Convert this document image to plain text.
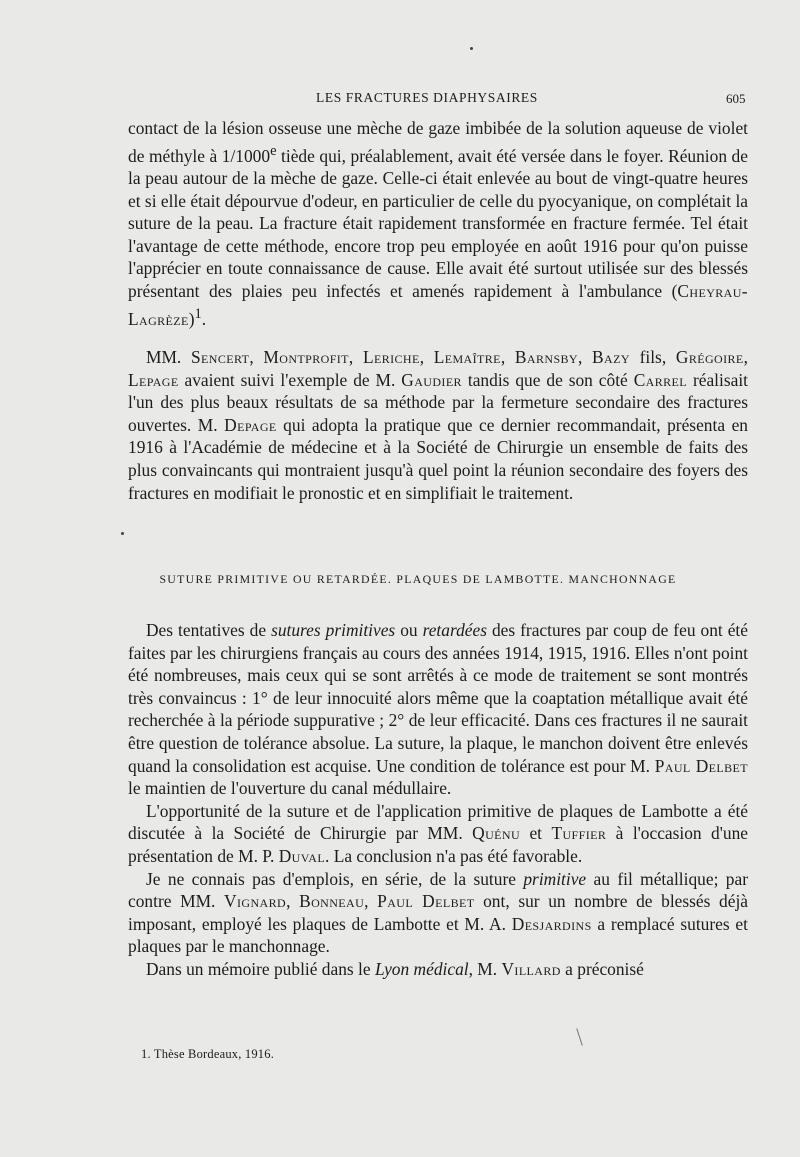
LES FRACTURES DIAPHYSAIRES	605

contact de la lésion osseuse une mèche de gaze imbibée de la solution aqueuse de violet de méthyle à 1/1000e tiède qui, préalablement, avait été versée dans le foyer. Réunion de la peau autour de la mèche de gaze. Celle-ci était enlevée au bout de vingt-quatre heures et si elle était dépourvue d'odeur, en particulier de celle du pyocyanique, on complétait la suture de la peau. La fracture était rapidement transformée en fracture fermée. Tel était l'avantage de cette méthode, encore trop peu employée en août 1916 pour qu'on puisse l'apprécier en toute connaissance de cause. Elle avait été surtout utilisée sur des blessés présentant des plaies peu infectés et amenés rapidement à l'ambulance (Cheyrau-Lagrèze)$^1$.

MM. Sencert, Montprofit, Leriche, Lemaître, Barnsby, Bazy fils, Grégoire, Lepage avaient suivi l'exemple de M. Gaudier tandis que de son côté Carrel réalisait l'un des plus beaux résultats de sa méthode par la fermeture secondaire des fractures ouvertes. M. Depage qui adopta la pratique que ce dernier recommandait, présenta en 1916 à l'Académie de médecine et à la Société de Chirurgie un ensemble de faits des plus convaincants qui montraient jusqu'à quel point la réunion secondaire des foyers des fractures en modifiait le pronostic et en simplifiait le traitement.

SUTURE PRIMITIVE OU RETARDÉE. PLAQUES DE LAMBOTTE. MANCHONNAGE

Des tentatives de sutures primitives ou retardées des fractures par coup de feu ont été faites par les chirurgiens français au cours des années 1914, 1915, 1916. Elles n'ont point été nombreuses, mais ceux qui se sont arrêtés à ce mode de traitement se sont montrés très convaincus : 1° de leur innocuité alors même que la coaptation métallique avait été recherchée à la période suppurative ; 2° de leur efficacité. Dans ces fractures il ne saurait être question de tolérance absolue. La suture, la plaque, le manchon doivent être enlevés quand la consolidation est acquise. Une condition de tolérance est pour M. Paul Delbet le maintien de l'ouverture du canal médullaire.

L'opportunité de la suture et de l'application primitive de plaques de Lambotte a été discutée à la Société de Chirurgie par MM. Quénu et Tuffier à l'occasion d'une présentation de M. P. Duval. La conclusion n'a pas été favorable.

Je ne connais pas d'emplois, en série, de la suture primitive au fil métallique; par contre MM. Vignard, Bonneau, Paul Delbet ont, sur un nombre de blessés déjà imposant, employé les plaques de Lambotte et M. A. Desjardins a remplacé sutures et plaques par le manchonnage.

Dans un mémoire publié dans le Lyon médical, M. Villard a préconisé

1. Thèse Bordeaux, 1916.
